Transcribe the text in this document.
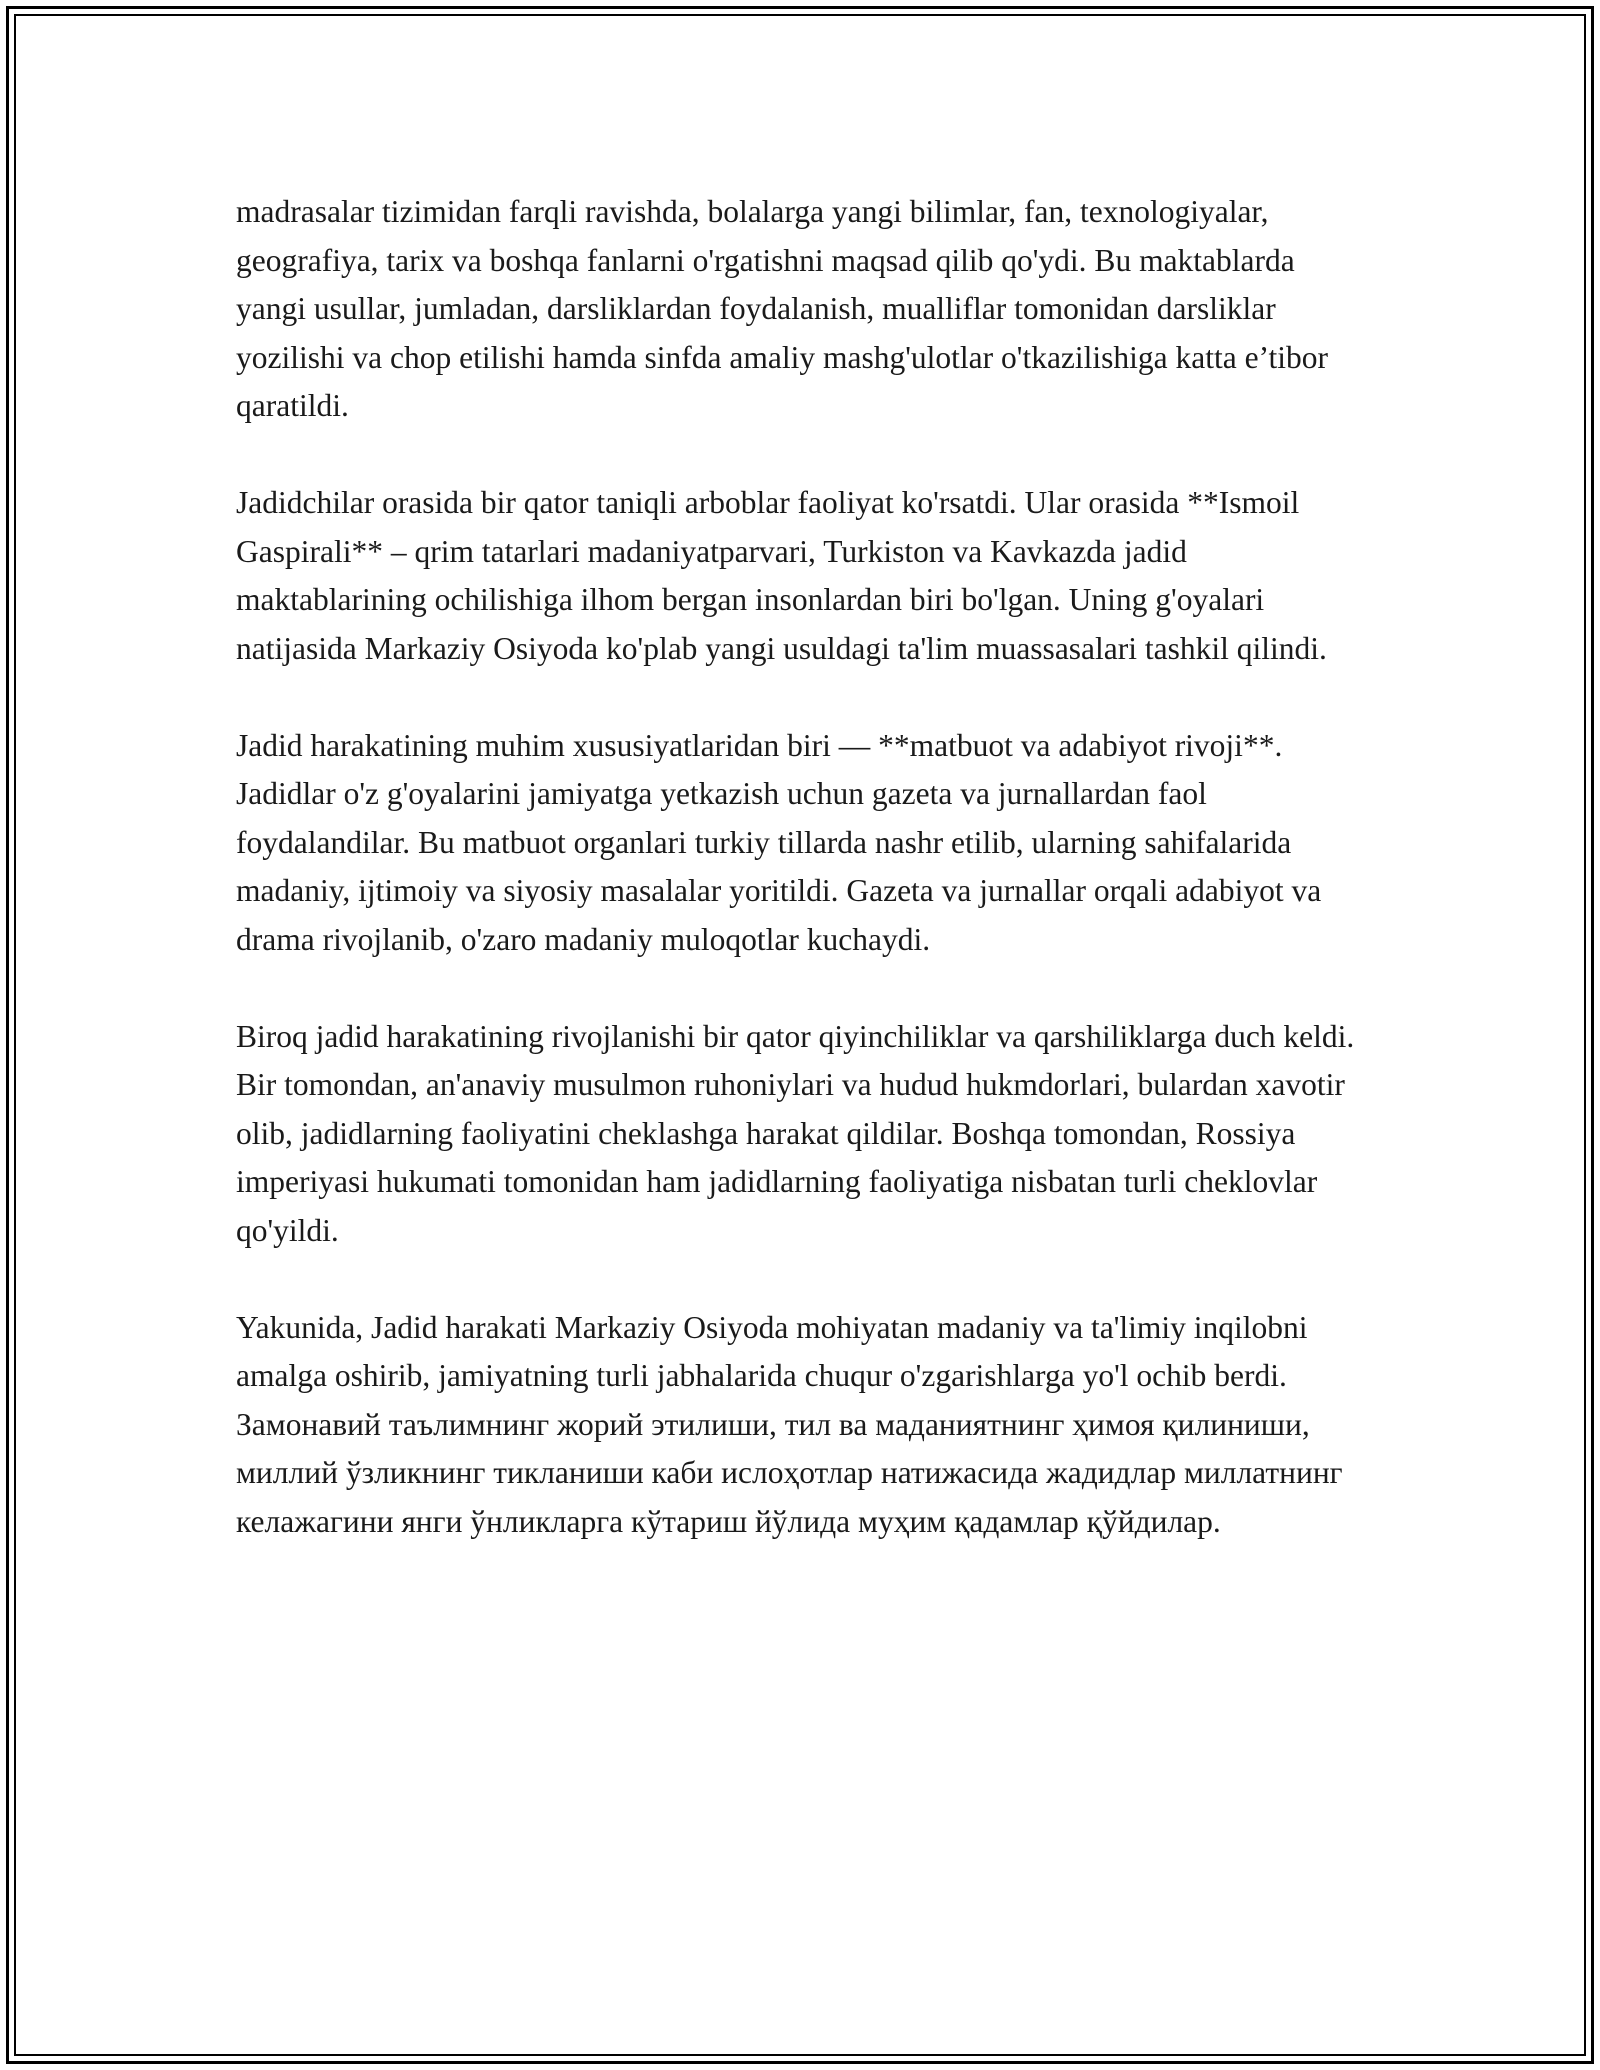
madrasalar tizimidan farqli ravishda, bolalarga yangi bilimlar, fan, texnologiyalar, geografiya, tarix va boshqa fanlarni o'rgatishni maqsad qilib qo'ydi. Bu maktablarda yangi usullar, jumladan, darsliklardan foydalanish, mualliflar tomonidan darsliklar yozilishi va chop etilishi hamda sinfda amaliy mashg'ulotlar o'tkazilishiga katta e’tibor qaratildi.

Jadidchilar orasida bir qator taniqli arboblar faoliyat ko'rsatdi. Ular orasida **Ismoil Gaspirali** – qrim tatarlari madaniyatparvari, Turkiston va Kavkazda jadid maktablarining ochilishiga ilhom bergan insonlardan biri bo'lgan. Uning g'oyalari natijasida Markaziy Osiyoda ko'plab yangi usuldagi ta'lim muassasalari tashkil qilindi.

Jadid harakatining muhim xususiyatlaridan biri — **matbuot va adabiyot rivoji**. Jadidlar o'z g'oyalarini jamiyatga yetkazish uchun gazeta va jurnallardan faol foydalandilar. Bu matbuot organlari turkiy tillarda nashr etilib, ularning sahifalarida madaniy, ijtimoiy va siyosiy masalalar yoritildi. Gazeta va jurnallar orqali adabiyot va drama rivojlanib, o'zaro madaniy muloqotlar kuchaydi.

Biroq jadid harakatining rivojlanishi bir qator qiyinchiliklar va qarshiliklarga duch keldi. Bir tomondan, an'anaviy musulmon ruhoniylari va hudud hukmdorlari, bulardan xavotir olib, jadidlarning faoliyatini cheklashga harakat qildilar. Boshqa tomondan, Rossiya imperiyasi hukumati tomonidan ham jadidlarning faoliyatiga nisbatan turli cheklovlar qo'yildi.

Yakunida, Jadid harakati Markaziy Osiyoda mohiyatan madaniy va ta'limiy inqilobni amalga oshirib, jamiyatning turli jabhalarida chuqur o'zgarishlarga yo'l ochib berdi. Замонавий таълимнинг жорий этилиши, тил ва маданиятнинг ҳимоя қилиниши, миллий ўзликнинг тикланиши каби ислоҳотлар натижасида жадидлар миллатнинг келажагини янги ўнликларга кўтариш йўлида муҳим қадамлар қўйдилар.
